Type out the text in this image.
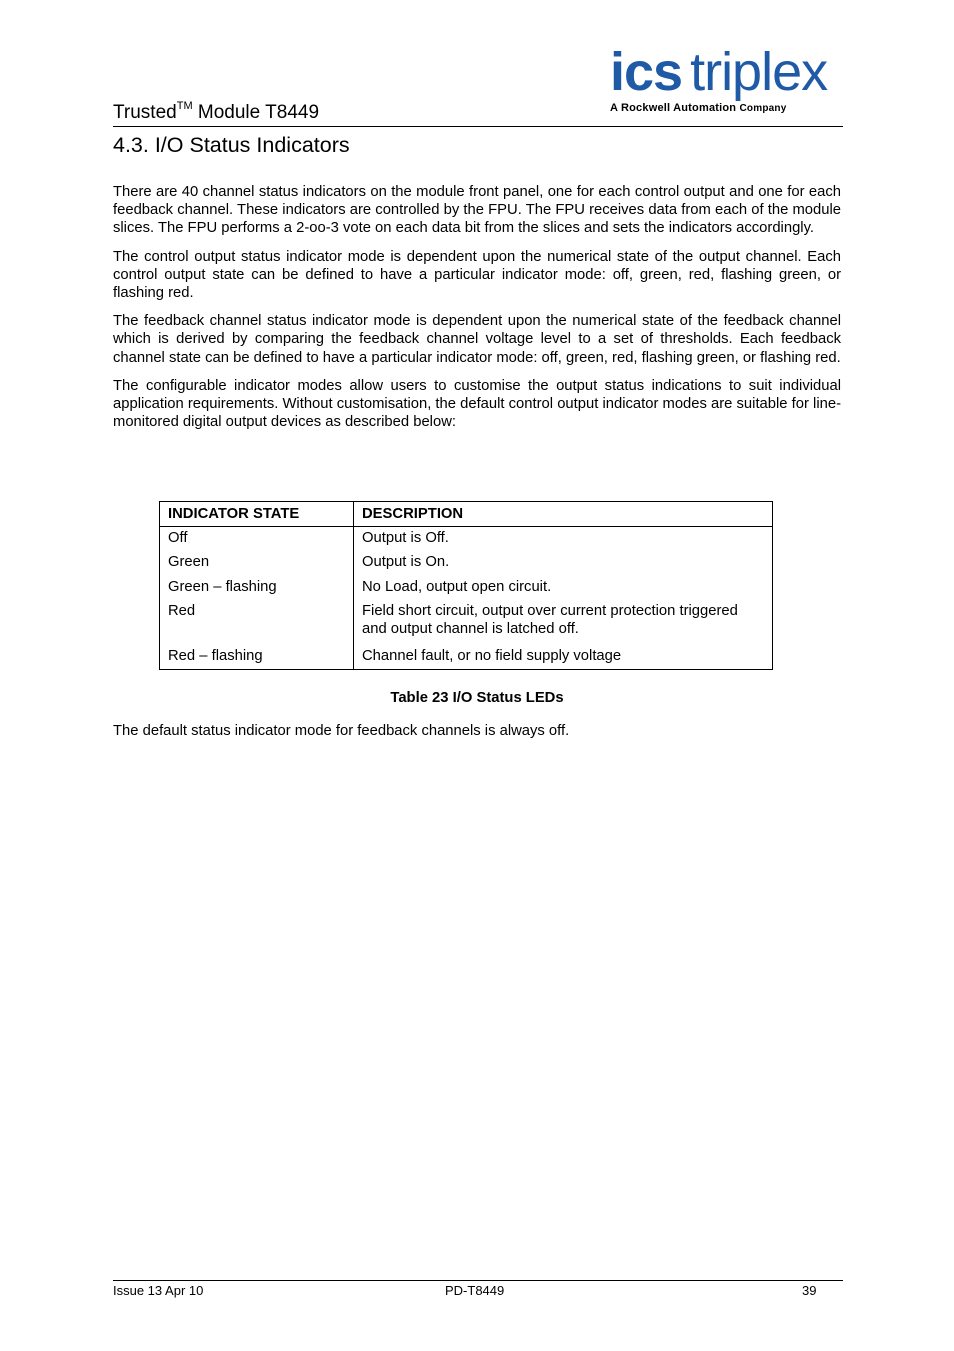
ics triplex
A Rockwell Automation Company
Trusted™ Module T8449
4.3. I/O Status Indicators

There are 40 channel status indicators on the module front panel, one for each control output and one for each feedback channel. These indicators are controlled by the FPU. The FPU receives data from each of the module slices. The FPU performs a 2-oo-3 vote on each data bit from the slices and sets the indicators accordingly.

The control output status indicator mode is dependent upon the numerical state of the output channel. Each control output state can be defined to have a particular indicator mode: off, green, red, flashing green, or flashing red.

The feedback channel status indicator mode is dependent upon the numerical state of the feedback channel which is derived by comparing the feedback channel voltage level to a set of thresholds. Each feedback channel state can be defined to have a particular indicator mode: off, green, red, flashing green, or flashing red.

The configurable indicator modes allow users to customise the output status indications to suit individual application requirements. Without customisation, the default control output indicator modes are suitable for line-monitored digital output devices as described below:

INDICATOR STATE	DESCRIPTION
Off	Output is Off.
Green	Output is On.
Green – flashing	No Load, output open circuit.
Red	Field short circuit, output over current protection triggered and output channel is latched off.
Red – flashing	Channel fault, or no field supply voltage
Table 23 I/O Status LEDs
The default status indicator mode for feedback channels is always off.
Issue 13 Apr 10	PD-T8449	39
